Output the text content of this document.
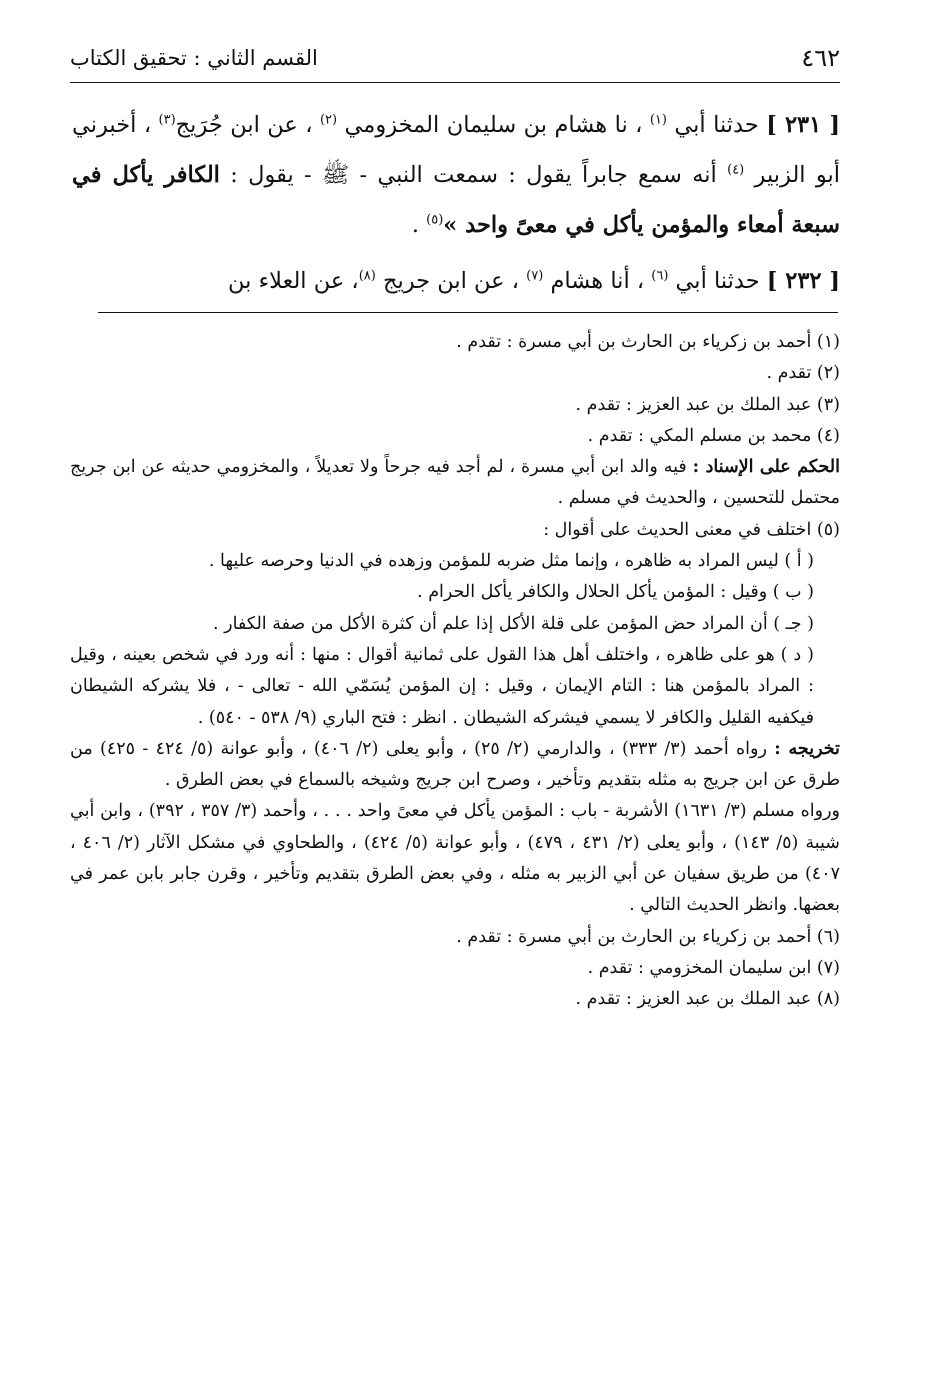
٤٦٢
القسم الثاني : تحقيق الكتاب

[ ٢٣١ ] حدثنا أبي $^{(١)}$ ، نا هشام بن سليمان المخزومي $^{(٢)}$ ، عن ابن جُرَيج$^{(٣)}$ ، أخبرني أبو الزبير $^{(٤)}$ أنه سمع جابراً يقول : سمعت النبي - ﷺ - يقول : الكافر يأكل في سبعة أمعاء والمؤمن يأكل في معىً واحد »$^{(٥)}$ .

[ ٢٣٢ ] حدثنا أبي $^{(٦)}$ ، أنا هشام $^{(٧)}$ ، عن ابن جريج $^{(٨)}$، عن العلاء بن

(١) أحمد بن زكرياء بن الحارث بن أبي مسرة : تقدم .

(٢) تقدم .

(٣) عبد الملك بن عبد العزيز : تقدم .

(٤) محمد بن مسلم المكي : تقدم .

الحكم على الإسناد : فيه والد ابن أبي مسرة ، لم أجد فيه جرحاً ولا تعديلاً ، والمخزومي حديثه عن ابن جريج محتمل للتحسين ، والحديث في مسلم .

(٥) اختلف في معنى الحديث على أقوال :

( أ ) ليس المراد به ظاهره ، وإنما مثل ضربه للمؤمن وزهده في الدنيا وحرصه عليها .

( ب ) وقيل : المؤمن يأكل الحلال والكافر يأكل الحرام .

( جـ ) أن المراد حض المؤمن على قلة الأكل إذا علم أن كثرة الأكل من صفة الكفار .

( د ) هو على ظاهره ، واختلف أهل هذا القول على ثمانية أقوال : منها : أنه ورد في شخص بعينه ، وقيل : المراد بالمؤمن هنا : التام الإيمان ، وقيل : إن المؤمن يُسَمّي الله - تعالى - ، فلا يشركه الشيطان فيكفيه القليل والكافر لا يسمي فيشركه الشيطان . انظر : فتح الباري (٩/ ٥٣٨ - ٥٤٠) .

تخريجه : رواه أحمد (٣/ ٣٣٣) ، والدارمي (٢/ ٢٥) ، وأبو يعلى (٢/ ٤٠٦) ، وأبو عوانة (٥/ ٤٢٤ - ٤٢٥) من طرق عن ابن جريج به مثله بتقديم وتأخير ، وصرح ابن جريج وشيخه بالسماع في بعض الطرق .

ورواه مسلم (٣/ ١٦٣١) الأشربة - باب : المؤمن يأكل في معىً واحد . . . ، وأحمد (٣/ ٣٥٧ ، ٣٩٢) ، وابن أبي شيبة (٥/ ١٤٣) ، وأبو يعلى (٢/ ٤٣١ ، ٤٧٩) ، وأبو عوانة (٥/ ٤٢٤) ، والطحاوي في مشكل الآثار (٢/ ٤٠٦ ، ٤٠٧) من طريق سفيان عن أبي الزبير به مثله ، وفي بعض الطرق بتقديم وتأخير ، وقرن جابر بابن عمر في بعضها. وانظر الحديث التالي .

(٦) أحمد بن زكرياء بن الحارث بن أبي مسرة : تقدم .

(٧) ابن سليمان المخزومي : تقدم .

(٨) عبد الملك بن عبد العزيز : تقدم .
